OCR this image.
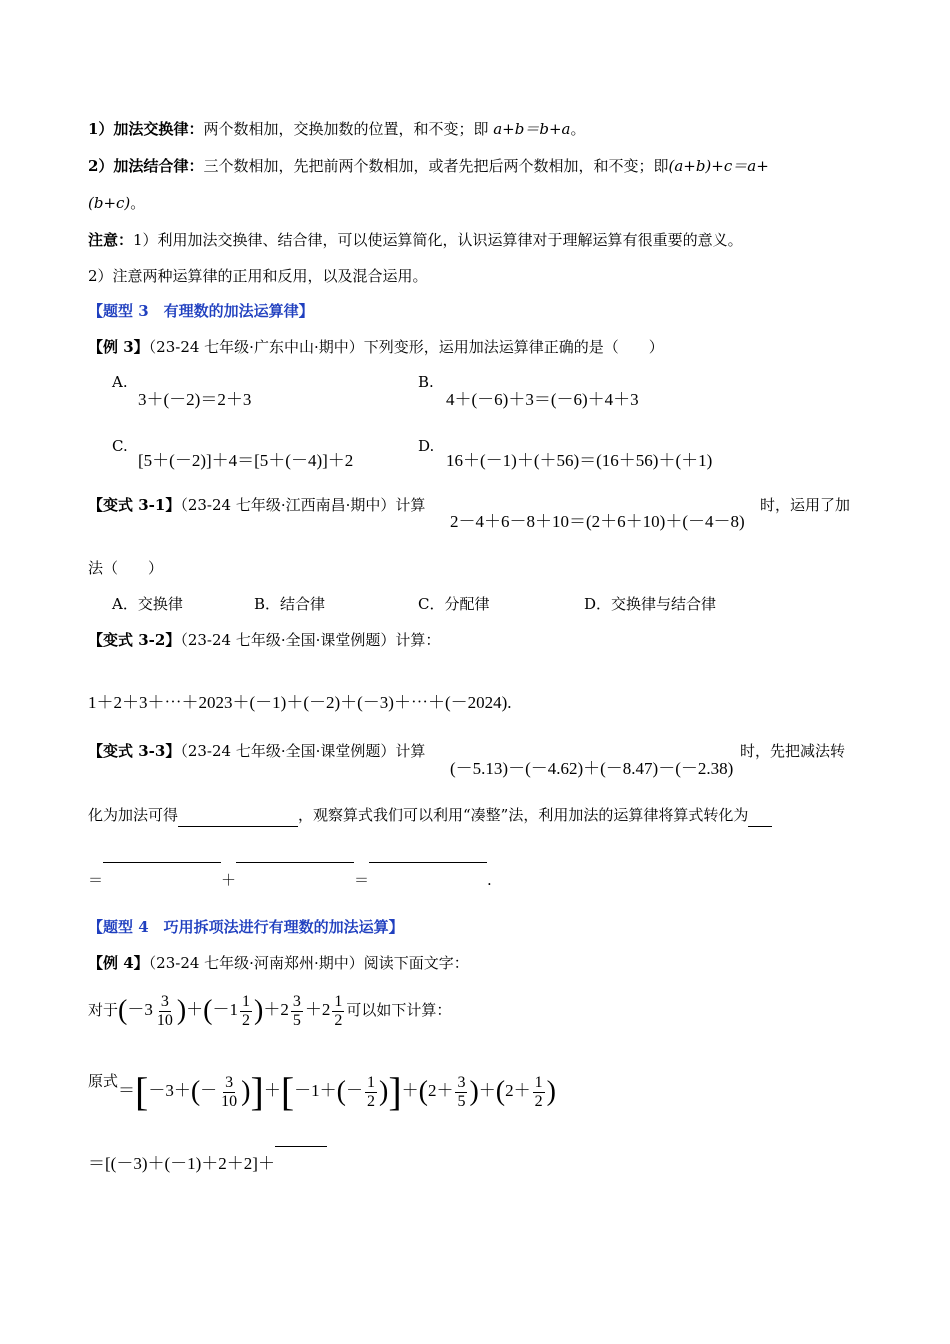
1）加法交换律：两个数相加，交换加数的位置，和不变；即 a+b＝b+a。
2）加法结合律：三个数相加，先把前两个数相加，或者先把后两个数相加，和不变；即(a+b)+c＝a+
(b+c)。
注意：1）利用加法交换律、结合律，可以使运算简化，认识运算律对于理解运算有很重要的意义。
2）注意两种运算律的正用和反用，以及混合运用。
【题型 3　有理数的加法运算律】
【例 3】（23-24 七年级·广东中山·期中）下列变形，运用加法运算律正确的是（　　）
A.
3＋(－2)＝2＋3
B.
4＋(－6)＋3＝(－6)＋4＋3
C.
[5＋(－2)]＋4＝[5＋(－4)]＋2
D.
16＋(－1)＋(＋56)＝(16＋56)＋(＋1)
【变式 3-1】（23-24 七年级·江西南昌·期中）计算
2－4＋6－8＋10＝(2＋6＋10)＋(－4－8)
时，运用了加
法（　　）
A．交换律	B．结合律	C．分配律	D．交换律与结合律
【变式 3-2】（23-24 七年级·全国·课堂例题）计算：
1＋2＋3＋⋯＋2023＋(－1)＋(－2)＋(－3)＋⋯＋(－2024).
【变式 3-3】（23-24 七年级·全国·课堂例题）计算
(－5.13)－(－4.62)＋(－8.47)－(－2.38)
时，先把减法转
化为加法可得	，观察算式我们可以利用“凑整”法，利用加法的运算律将算式转化为
＝	＋	＝	.
【题型 4　巧用拆项法进行有理数的加法运算】
【例 4】（23-24 七年级·河南郑州·期中）阅读下面文字：
对于$(-3 \frac{3}{10} )+(-1 \frac{1}{2} )+2 \frac{3}{5} +2 \frac{1}{2}$ 可以如下计算：
原式$=[-3+(- \frac{3}{10} )]+[-1+(- \frac{1}{2} )]+(2+ \frac{3}{5} )+(2+ \frac{1}{2}$ )
＝[(－3)＋(－1)＋2＋2]＋
